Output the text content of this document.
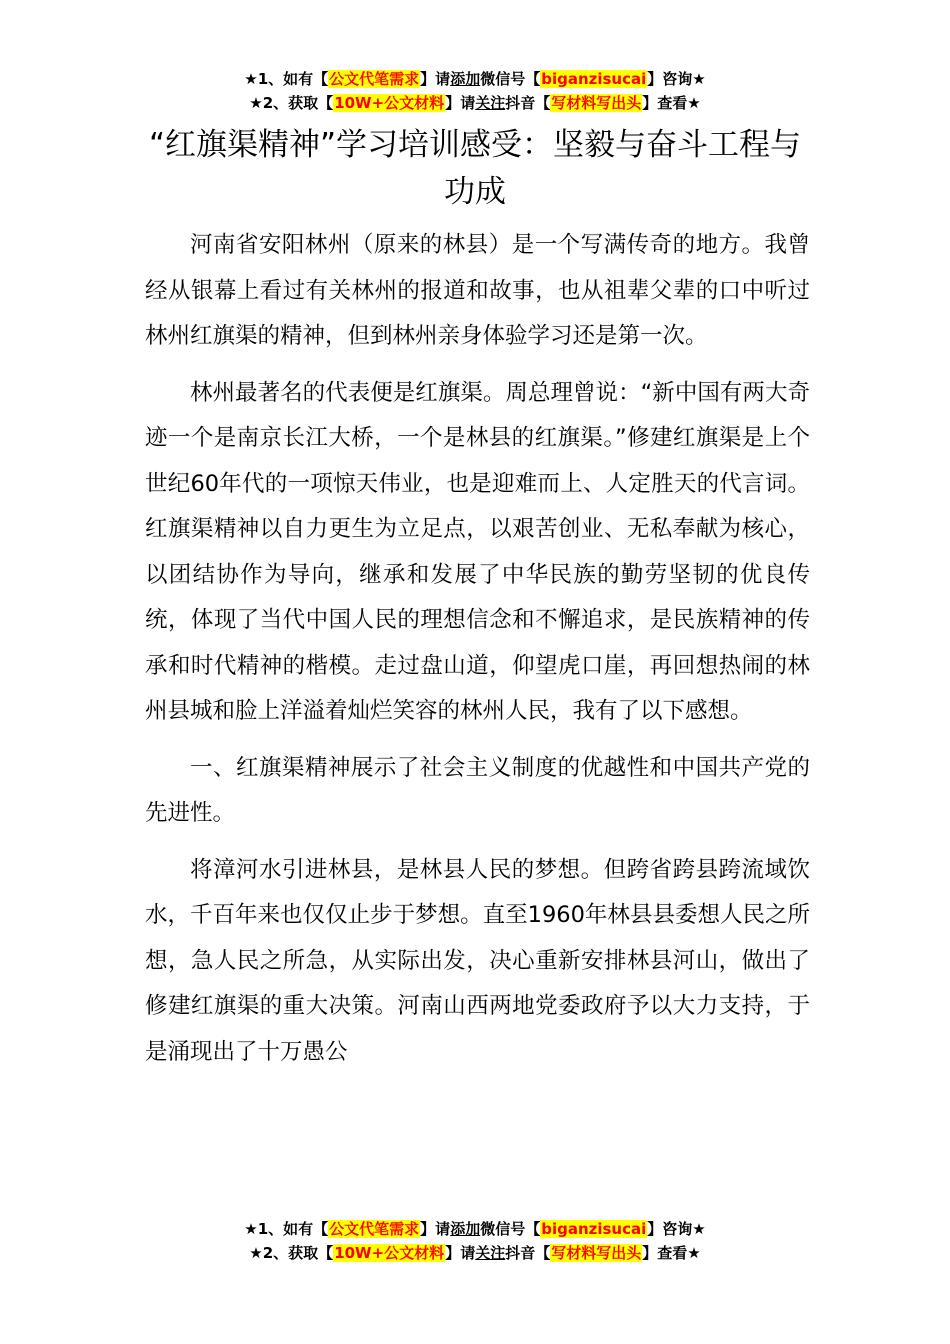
★1、如有【公文代笔需求】请添加微信号【biganzisucai】咨询★
★2、获取【10W+公文材料】请关注抖音【写材料写出头】查看★
“红旗渠精神”学习培训感受：坚毅与奋斗工程与功成

河南省安阳林州（原来的林县）是一个写满传奇的地方。我曾经从银幕上看过有关林州的报道和故事，也从祖辈父辈的口中听过林州红旗渠的精神，但到林州亲身体验学习还是第一次。

林州最著名的代表便是红旗渠。周总理曾说：“新中国有两大奇迹一个是南京长江大桥，一个是林县的红旗渠。”修建红旗渠是上个世纪60年代的一项惊天伟业，也是迎难而上、人定胜天的代言词。红旗渠精神以自力更生为立足点，以艰苦创业、无私奉献为核心，以团结协作为导向，继承和发展了中华民族的勤劳坚韧的优良传统，体现了当代中国人民的理想信念和不懈追求，是民族精神的传承和时代精神的楷模。走过盘山道，仰望虎口崖，再回想热闹的林州县城和脸上洋溢着灿烂笑容的林州人民，我有了以下感想。

一、红旗渠精神展示了社会主义制度的优越性和中国共产党的先进性。

将漳河水引进林县，是林县人民的梦想。但跨省跨县跨流域饮水，千百年来也仅仅止步于梦想。直至1960年林县县委想人民之所想，急人民之所急，从实际出发，决心重新安排林县河山，做出了修建红旗渠的重大决策。河南山西两地党委政府予以大力支持，于是涌现出了十万愚公

★1、如有【公文代笔需求】请添加微信号【biganzisucai】咨询★
★2、获取【10W+公文材料】请关注抖音【写材料写出头】查看★
